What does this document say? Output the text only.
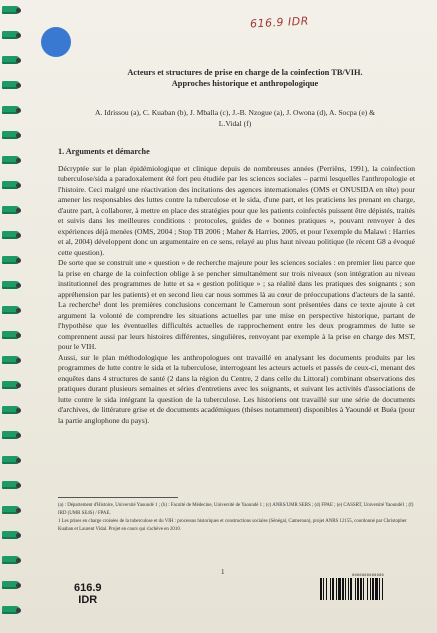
616.9 IDR
Acteurs et structures de prise en charge de la coinfection TB/VIH.
Approches historique et anthropologique
A. Idrissou (a), C. Kuaban (b), J. Mballa (c), J.-B. Nzogue (a), J. Owona (d), A. Socpa (e) &
L.Vidal (f)
1. Arguments et démarche

Décryptée sur le plan épidémiologique et clinique depuis de nombreuses années (Perriëns, 1991), la coinfection tuberculose/sida a paradoxalement été fort peu étudiée par les sciences sociales – parmi lesquelles l'anthropologie et l'histoire. Ceci malgré une réactivation des incitations des agences internationales (OMS et ONUSIDA en tête) pour amener les responsables des luttes contre la tuberculose et le sida, d'une part, et les praticiens les prenant en charge, d'autre part, à collaborer, à mettre en place des stratégies pour que les patients coinfectés puissent être dépistés, traités et suivis dans les meilleures conditions : protocoles, guides de « bonnes pratiques », pouvant renvoyer à des expériences déjà menées (OMS, 2004 ; Stop TB 2006 ; Maher & Harries, 2005, et pour l'exemple du Malawi : Harries et al, 2004) développent donc un argumentaire en ce sens, relayé au plus haut niveau politique (le récent G8 a évoqué cette question).

De sorte que se construit une « question » de recherche majeure pour les sciences sociales : en premier lieu parce que la prise en charge de la coinfection oblige à se pencher simultanément sur trois niveaux (son intégration au niveau institutionnel des programmes de lutte et sa « gestion politique » ; sa réalité dans les pratiques des soignants ; son appréhension par les patients) et en second lieu car nous sommes là au cœur de préoccupations d'acteurs de la santé. La recherche¹ dont les premières conclusions concernant le Cameroun sont présentées dans ce texte ajoute à cet argument la volonté de comprendre les situations actuelles par une mise en perspective historique, partant de l'hypothèse que les éventuelles difficultés actuelles de rapprochement entre les deux programmes de lutte se comprennent aussi par leurs histoires différentes, singulières, renvoyant par exemple à la prise en charge des MST, pour le VIH.

Aussi, sur le plan méthodologique les anthropologues ont travaillé en analysant les documents produits par les programmes de lutte contre le sida et la tuberculose, interrogeant les acteurs actuels et passés de ceux-ci, menant des enquêtes dans 4 structures de santé (2 dans la région du Centre, 2 dans celle du Littoral) combinant observations des pratiques durant plusieurs semaines et séries d'entretiens avec les soignants, et suivant les activités d'associations de lutte contre le sida intégrant la question de la tuberculose. Les historiens ont travaillé sur une série de documents d'archives, de littérature grise et de documents académiques (thèses notamment) disponibles à Yaoundé et Buéa (pour la partie anglophone du pays).

(a) : Département d'Histoire, Université Yaoundé 1 ; (b) : Faculté de Médecine, Université de Yaoundé 1 ; (c) ANRS/UMR SERS ; (d) FPAE ; (e) CASSRT, Université Yaoundé1 ; (f) IRD (UMR SE4S) / FPAE.

1 Les prises en charge croisées de la tuberculose et du VIH : processus historiques et constructions sociales (Sénégal, Cameroun), projet ANRS 12155, coordonné par Christopher Kuaban et Laurent Vidal. Projet en cours qui s'achève en 2010.

1
616.9
IDR
0000000000000
